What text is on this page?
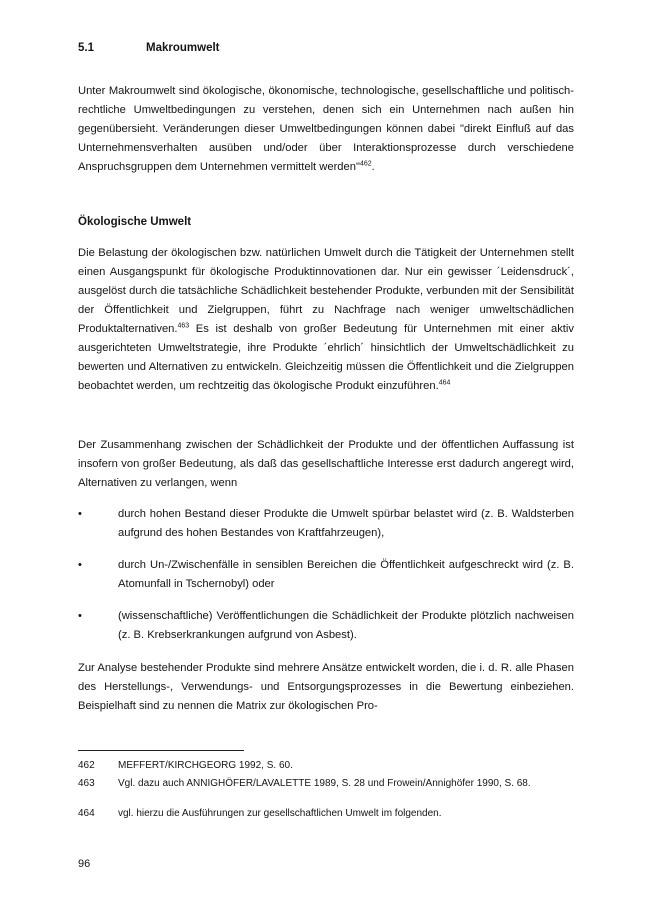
5.1	Makroumwelt
Unter Makroumwelt sind ökologische, ökonomische, technologische, gesellschaftliche und politisch-rechtliche Umweltbedingungen zu verstehen, denen sich ein Unternehmen nach außen hin gegenübersieht. Veränderungen dieser Umweltbedingungen können dabei "direkt Einfluß auf das Unternehmensverhalten ausüben und/oder über Interaktionsprozesse durch verschiedene Anspruchsgruppen dem Unternehmen vermittelt werden"$^{462}$.
Ökologische Umwelt
Die Belastung der ökologischen bzw. natürlichen Umwelt durch die Tätigkeit der Unternehmen stellt einen Ausgangspunkt für ökologische Produktinnovationen dar. Nur ein gewisser ´Leidensdruck´, ausgelöst durch die tatsächliche Schädlichkeit bestehender Produkte, verbunden mit der Sensibilität der Öffentlichkeit und Zielgruppen, führt zu Nachfrage nach weniger umweltschädlichen Produktalternativen.$^{463}$ Es ist deshalb von großer Bedeutung für Unternehmen mit einer aktiv ausgerichteten Umweltstrategie, ihre Produkte ´ehrlich´ hinsichtlich der Umweltschädlichkeit zu bewerten und Alternativen zu entwickeln. Gleichzeitig müssen die Öffentlichkeit und die Zielgruppen beobachtet werden, um rechtzeitig das ökologische Produkt einzuführen.$^{464}$
Der Zusammenhang zwischen der Schädlichkeit der Produkte und der öffentlichen Auffassung ist insofern von großer Bedeutung, als daß das gesellschaftliche Interesse erst dadurch angeregt wird, Alternativen zu verlangen, wenn
•	durch hohen Bestand dieser Produkte die Umwelt spürbar belastet wird (z. B. Waldsterben aufgrund des hohen Bestandes von Kraftfahrzeugen),
•	durch Un-/Zwischenfälle in sensiblen Bereichen die Öffentlichkeit aufgeschreckt wird (z. B. Atomunfall in Tschernobyl) oder
•	(wissenschaftliche) Veröffentlichungen die Schädlichkeit der Produkte plötzlich nachweisen (z. B. Krebserkrankungen aufgrund von Asbest).
Zur Analyse bestehender Produkte sind mehrere Ansätze entwickelt worden, die i. d. R. alle Phasen des Herstellungs-, Verwendungs- und Entsorgungsprozesses in die Bewertung einbeziehen. Beispielhaft sind zu nennen die Matrix zur ökologischen Pro-
462	MEFFERT/KIRCHGEORG 1992, S. 60.
463	Vgl. dazu auch ANNIGHÖFER/LAVALETTE 1989, S. 28 und Frowein/Annighöfer 1990, S. 68.
464	vgl. hierzu die Ausführungen zur gesellschaftlichen Umwelt im folgenden.
96
